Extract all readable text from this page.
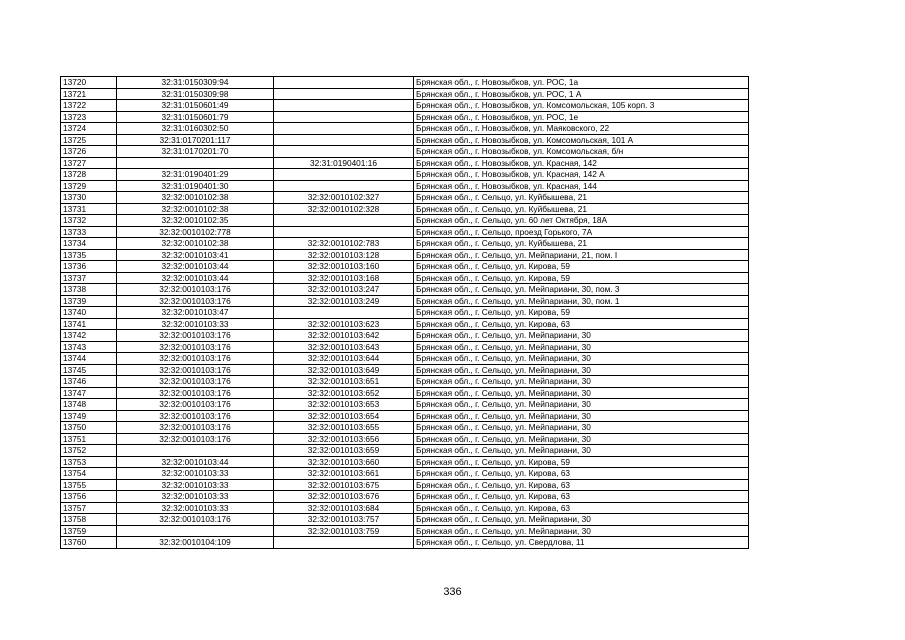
13720	32:31:0150309:94		Брянская обл., г. Новозыбков, ул. РОС, 1а
13721	32:31:0150309:98		Брянская обл., г. Новозыбков, ул. РОС, 1 А
13722	32:31:0150601:49		Брянская обл., г. Новозыбков, ул. Комсомольская, 105 корп. 3
13723	32:31:0150601:79		Брянская обл., г. Новозыбков, ул. РОС, 1е
13724	32:31:0160302:50		Брянская обл., г. Новозыбков, ул. Маяковского, 22
13725	32:31:0170201:117		Брянская обл., г. Новозыбков, ул. Комсомольская, 101 А
13726	32:31:0170201:70		Брянская обл., г. Новозыбков, ул. Комсомольская, б/н
13727		32:31:0190401:16	Брянская обл., г. Новозыбков, ул. Красная, 142
13728	32:31:0190401:29		Брянская обл., г. Новозыбков, ул. Красная, 142 А
13729	32:31:0190401:30		Брянская обл., г. Новозыбков, ул. Красная, 144
13730	32:32:0010102:38	32:32:0010102:327	Брянская обл., г. Сельцо, ул. Куйбышева, 21
13731	32:32:0010102:38	32:32:0010102:328	Брянская обл., г. Сельцо, ул. Куйбышева, 21
13732	32:32:0010102:35		Брянская обл., г. Сельцо, ул. 60 лет Октября, 18А
13733	32:32:0010102:778		Брянская обл., г. Сельцо, проезд Горького, 7А
13734	32:32:0010102:38	32:32:0010102:783	Брянская обл., г. Сельцо, ул. Куйбышева, 21
13735	32:32:0010103:41	32:32:0010103:128	Брянская обл., г. Сельцо, ул. Мейпариани, 21, пом. I
13736	32:32:0010103:44	32:32:0010103:160	Брянская обл., г. Сельцо, ул. Кирова, 59
13737	32:32:0010103:44	32:32:0010103:168	Брянская обл., г. Сельцо, ул. Кирова, 59
13738	32:32:0010103:176	32:32:0010103:247	Брянская обл., г. Сельцо, ул. Мейпариани, 30, пом. 3
13739	32:32:0010103:176	32:32:0010103:249	Брянская обл., г. Сельцо, ул. Мейпариани, 30, пом. 1
13740	32:32:0010103:47		Брянская обл., г. Сельцо, ул. Кирова, 59
13741	32:32:0010103:33	32:32:0010103:623	Брянская обл., г. Сельцо, ул. Кирова, 63
13742	32:32:0010103:176	32:32:0010103:642	Брянская обл., г. Сельцо, ул. Мейпариани, 30
13743	32:32:0010103:176	32:32:0010103:643	Брянская обл., г. Сельцо, ул. Мейпариани, 30
13744	32:32:0010103:176	32:32:0010103:644	Брянская обл., г. Сельцо, ул. Мейпариани, 30
13745	32:32:0010103:176	32:32:0010103:649	Брянская обл., г. Сельцо, ул. Мейпариани, 30
13746	32:32:0010103:176	32:32:0010103:651	Брянская обл., г. Сельцо, ул. Мейпариани, 30
13747	32:32:0010103:176	32:32:0010103:652	Брянская обл., г. Сельцо, ул. Мейпариани, 30
13748	32:32:0010103:176	32:32:0010103:653	Брянская обл., г. Сельцо, ул. Мейпариани, 30
13749	32:32:0010103:176	32:32:0010103:654	Брянская обл., г. Сельцо, ул. Мейпариани, 30
13750	32:32:0010103:176	32:32:0010103:655	Брянская обл., г. Сельцо, ул. Мейпариани, 30
13751	32:32:0010103:176	32:32:0010103:656	Брянская обл., г. Сельцо, ул. Мейпариани, 30
13752		32:32:0010103:659	Брянская обл., г. Сельцо, ул. Мейпариани, 30
13753	32:32:0010103:44	32:32:0010103:660	Брянская обл., г. Сельцо, ул. Кирова, 59
13754	32:32:0010103:33	32:32:0010103:661	Брянская обл., г. Сельцо, ул. Кирова, 63
13755	32:32:0010103:33	32:32:0010103:675	Брянская обл., г. Сельцо, ул. Кирова, 63
13756	32:32:0010103:33	32:32:0010103:676	Брянская обл., г. Сельцо, ул. Кирова, 63
13757	32:32:0010103:33	32:32:0010103:684	Брянская обл., г. Сельцо, ул. Кирова, 63
13758	32:32:0010103:176	32:32:0010103:757	Брянская обл., г. Сельцо, ул. Мейпариани, 30
13759		32:32:0010103:759	Брянская обл., г. Сельцо, ул. Мейпариани, 30
13760	32:32:0010104:109		Брянская обл., г. Сельцо, ул. Свердлова, 11
336
